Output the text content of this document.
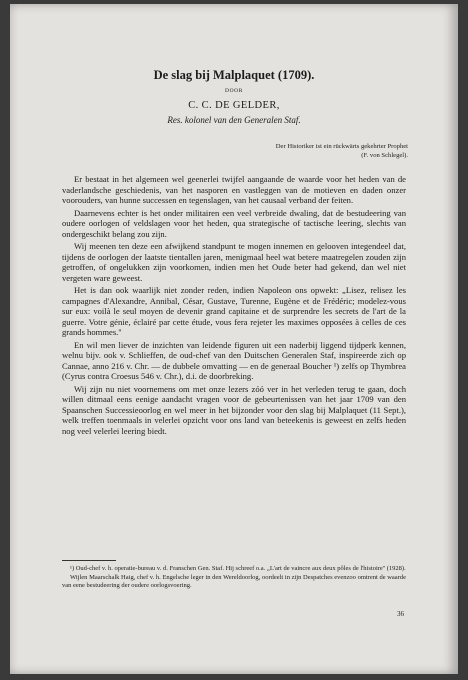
De slag bij Malplaquet (1709).
DOOR
C. C. DE GELDER,
Res. kolonel van den Generalen Staf.
Der Historiker ist ein rückwärts gekehrter Prophet
(F. von Schlegel).

Er bestaat in het algemeen wel geenerlei twijfel aangaande de waarde voor het heden van de vaderlandsche geschiedenis, van het nasporen en vastleggen van de motieven en daden onzer voorouders, van hunne successen en tegenslagen, van het causaal verband der feiten.

Daarnevens echter is het onder militairen een veel verbreide dwaling, dat de bestudeering van oudere oorlogen of veldslagen voor het heden, qua strategische of tactische leering, slechts van ondergeschikt belang zou zijn.

Wij meenen ten deze een afwijkend standpunt te mogen innemen en gelooven integendeel dat, tijdens de oorlogen der laatste tientallen jaren, menigmaal heel wat betere maatregelen zouden zijn getroffen, of ongelukken zijn voorkomen, indien men het Oude beter had gekend, dan wel niet vergeten ware geweest.

Het is dan ook waarlijk niet zonder reden, indien Napoleon ons opwekt: „Lisez, relisez les campagnes d'Alexandre, Annibal, César, Gustave, Turenne, Eugène et de Frédéric; modelez-vous sur eux: voilà le seul moyen de devenir grand capitaine et de surprendre les secrets de l'art de la guerre. Votre génie, éclairé par cette étude, vous fera rejeter les maximes opposées à celles de ces grands hommes.''

En wil men liever de inzichten van leidende figuren uit een naderbij liggend tijdperk kennen, welnu bijv. ook v. Schlieffen, de oud-chef van den Duitschen Generalen Staf, inspireerde zich op Cannae, anno 216 v. Chr. — de dubbele omvatting — en de generaal Boucher ¹) zelfs op Thymbrea (Cyrus contra Croesus 546 v. Chr.), d.i. de doorbreking.

Wij zijn nu niet voornemens om met onze lezers zóó ver in het verleden terug te gaan, doch willen ditmaal eens eenige aandacht vragen voor de gebeurtenissen van het jaar 1709 van den Spaanschen Successieoorlog en wel meer in het bijzonder voor den slag bij Malplaquet (11 Sept.), welk treffen toenmaals in velerlei opzicht voor ons land van beteekenis is geweest en zelfs heden nog veel velerlei leering biedt.

¹) Oud-chef v. h. operatie-bureau v. d. Franschen Gen. Staf. Hij schreef o.a. „L'art de vaincre aux deux pôles de l'histoire'' (1928).

Wijlen Maarschalk Haig, chef v. h. Engelsche leger in den Wereldoorlog, oordeelt in zijn Despatches evenzoo omtrent de waarde van eene bestudeering der oudere oorlogsvoering.

36
